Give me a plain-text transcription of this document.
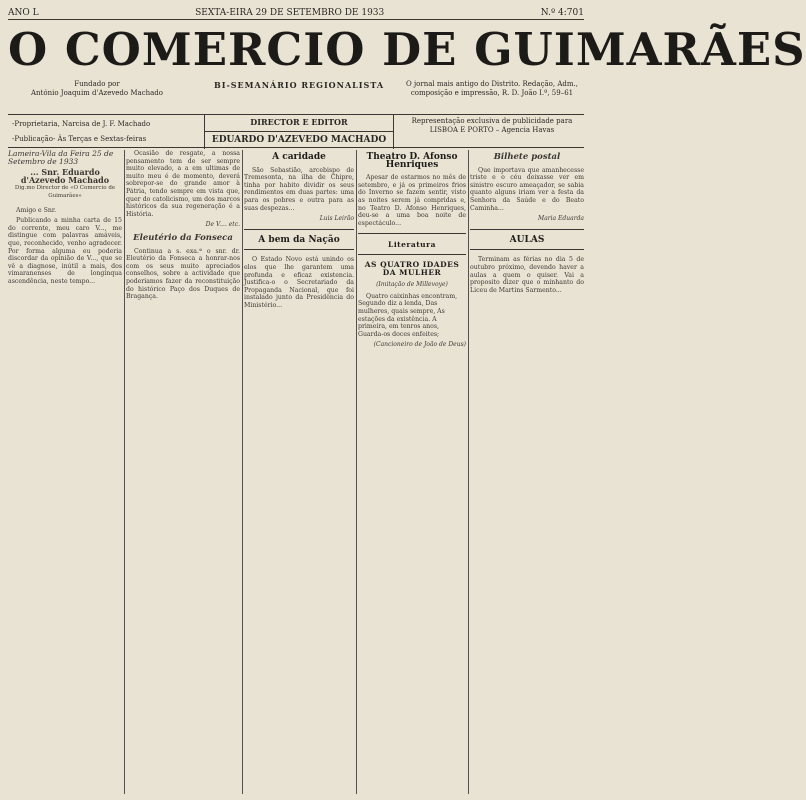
ANO L	SEXTA-EIRA 29 DE SETEMBRO DE 1933	N.º 4:701
O COMERCIO DE GUIMARÃES
Fundado por
António Joaquim d'Azevedo Machado
BI-SEMANÁRIO REGIONALISTA	O jornal mais antigo do Distrito. Redação, Adm., composição e impressão, R. D. João I.º, 59–61
-Proprietaria, Narcisa de J. F. Machado
-Publicação- Às Terças e Sextas-feiras
DIRECTOR E EDITOR
EDUARDO D'AZEVEDO MACHADO
Representação exclusiva de publicidade para LISBOA E PORTO – Agencia Havas
Lameira-Vila da Feira 25 de Setembro de 1933
... Snr. Eduardo d'Azevedo Machado
Dig.mo Director de «O Comercio de Guimarães»

Amigo e Snr.

Publicando a minha carta de 15 do corrente, meu caro V..., me distingue com palavras amáveis, que, reconhecido, venho agradecer. Por forma alguma eu poderia discordar da opinião de V..., que se vê a diagnose, inútil a mais, dos vimaranenses de longínqua ascendência, neste tempo...

Ocasião de resgate, a nossa pensamento tem de ser sempre muito elevado, a a em ultimas de muito meu é de momento, deverá sobrepor-se do grande amor à Pátria, tendo sempre em vista que, quer do catolicismo, um dos marcos históricos da sua regeneração é a História.

De V.... etc.
Eleutério da Fonseca

Continua a s. exa.ª o snr. dr. Eleutério da Fonseca a honrar-nos com os seus muito apreciados conselhos, sobre a actividade que poderiamos fazer da reconstituição do histórico Paço dos Duques de Bragança.

A caridade

São Sebastião, arcebispo de Tremesonta, na ilha de Chipre, tinha por habito dividir os seus rendimentos em duas partes: uma para os pobres e outra para as suas despezas...

Luis Leirão
A bem da Nação

O Estado Novo está unindo os elos que lhe garantem uma profunda e eficaz existencia. Justifica-o o Secretariado da Propaganda Nacional, que foi instalado junto da Presidência do Ministério...

Theatro D. Afonso Henriques

Apesar de estarmos no mês de setembro, e já os primeiros frios do Inverno se fazem sentir, visto as noites serem já compridas e, no Teatro D. Afonso Henriques, deu-se a uma boa noite de espectáculo...

Literatura
AS QUATRO IDADES DA MULHER
(Imitação de Millevoye)

Quatro caixinhas encontram, Segundo diz a lenda, Das mulheres, quais sempre, As estações da existência. A primeira, em tenros anos, Guarda-os doces enfeites;

(Cancioneiro de João de Deus)
Bilhete postal

Que importava que amanhecesse triste e o céu deixasse ver em sinistro escuro ameaçador, se sabia quanto alguns iriam ver a festa da Senhora da Saúde e do Beato Caminha...

Maria Eduarda
AULAS

Terminam as férias no dia 5 de outubro próximo, devendo haver a aulas a quem o quiser. Vai a proposito dizer que o minhanto do Liceu de Martins Sarmento...
